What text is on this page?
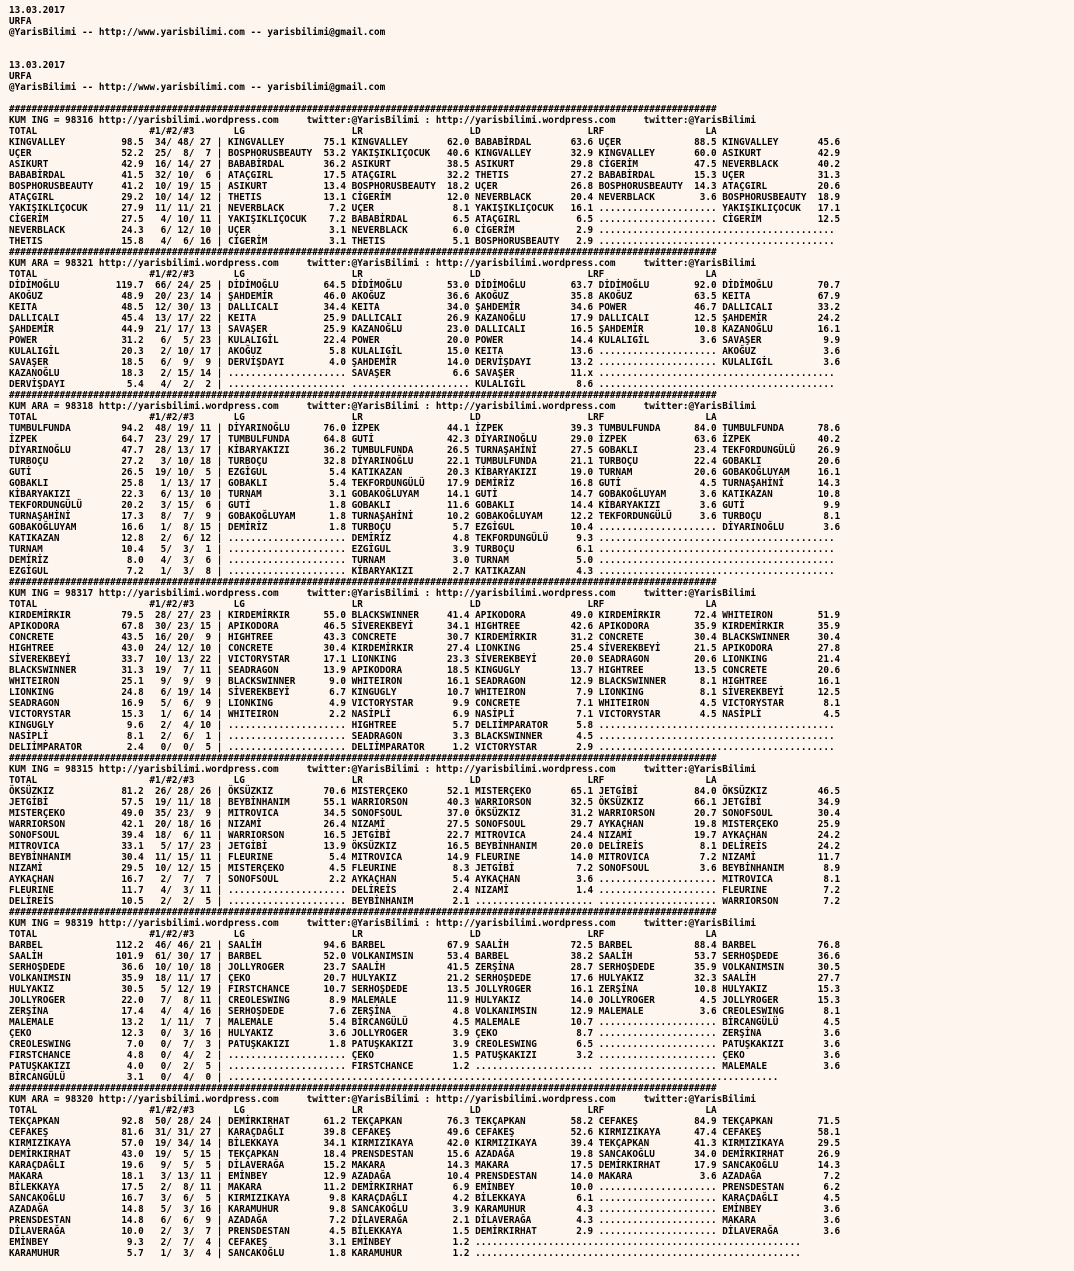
13.03.2017
URFA
@YarisBilimi -- http://www.yarisbilimi.com -- yarisbilimi@gmail.com
13.03.2017
URFA
@YarisBilimi -- http://www.yarisbilimi.com -- yarisbilimi@gmail.com
##############################################################################################################################
KUM ING = 98316 http://yarisbilimi.wordpress.com     twitter:@YarisBilimi : http://yarisbilimi.wordpress.com     twitter:@YarisBilimi
TOTAL                    #1/#2/#3       LG                   LR                   LD                   LRF                  LA
KINGVALLEY          98.5  34/ 48/ 27 | KINGVALLEY       75.1 KINGVALLEY       62.0 BABABİRDAL       63.6 UÇER             88.5 KINGVALLEY       45.6
UÇER                52.2  25/  8/  7 | BOSPHORUSBEAUTY  53.2 YAKIŞIKLIÇOCUK   40.6 KINGVALLEY       32.9 KINGVALLEY       60.0 ASIKURT          42.9
ASIKURT             42.9  16/ 14/ 27 | BABABİRDAL       36.2 ASIKURT          38.5 ASIKURT          29.8 CİGERİM          47.5 NEVERBLACK       40.2
BABABİRDAL          41.5  32/ 10/  6 | ATAÇGIRL         17.5 ATAÇGIRL         32.2 THETIS           27.2 BABABİRDAL       15.3 UÇER             31.3
BOSPHORUSBEAUTY     41.2  10/ 19/ 15 | ASIKURT          13.4 BOSPHORUSBEAUTY  18.2 UÇER             26.8 BOSPHORUSBEAUTY  14.3 ATAÇGIRL         20.6
ATAÇGIRL            29.2  10/ 14/ 12 | THETIS           13.1 CİGERİM          12.0 NEVERBLACK       20.4 NEVERBLACK        3.6 BOSPHORUSBEAUTY  18.9
YAKIŞIKLIÇOCUK      27.9  11/ 11/ 21 | NEVERBLACK        7.2 UÇER              8.1 YAKIŞIKLIÇOCUK   16.1 ..................... YAKIŞIKLIÇOCUK   17.1
CİGERİM             27.5   4/ 10/ 11 | YAKIŞIKLIÇOCUK    7.2 BABABİRDAL        6.5 ATAÇGIRL          6.5 ..................... CİGERİM          12.5
NEVERBLACK          24.3   6/ 12/ 10 | UÇER              3.1 NEVERBLACK        6.0 CİGERİM           2.9 ..........................................
THETIS              15.8   4/  6/ 16 | CİGERİM           3.1 THETIS            5.1 BOSPHORUSBEAUTY   2.9 ..........................................
##############################################################################################################################
KUM ARA = 98321 http://yarisbilimi.wordpress.com     twitter:@YarisBilimi : http://yarisbilimi.wordpress.com     twitter:@YarisBilimi
TOTAL                    #1/#2/#3       LG                   LR                   LD                   LRF                  LA
DİDİMOĞLU          119.7  66/ 24/ 25 | DİDİMOĞLU        64.5 DİDİMOĞLU        53.0 DİDİMOĞLU        63.7 DİDİMOĞLU        92.0 DİDİMOĞLU        70.7
AKOĞUZ              48.9  20/ 23/ 14 | ŞAHDEMİR         46.0 AKOĞUZ           36.6 AKOĞUZ           35.8 AKOĞUZ           63.5 KEITA            67.9
KEITA               48.5  12/ 30/ 13 | DALLICALI        34.4 KEITA            34.0 ŞAHDEMİR         34.6 POWER            46.7 DALLICALI        33.2
DALLICALI           45.4  13/ 17/ 22 | KEITA            25.9 DALLICALI        26.9 KAZANOĞLU        17.9 DALLICALI        12.5 ŞAHDEMİR         24.2
ŞAHDEMİR            44.9  21/ 17/ 13 | SAVAŞER          25.9 KAZANOĞLU        23.0 DALLICALI        16.5 ŞAHDEMİR         10.8 KAZANOĞLU        16.1
POWER               31.2   6/  5/ 23 | KULALIGİL        22.4 POWER            20.0 POWER            14.4 KULALIGİL         3.6 SAVAŞER           9.9
KULALIGİL           20.3   2/ 10/ 17 | AKOĞUZ            5.8 KULALIGİL        15.0 KEITA            13.6 ..................... AKOĞUZ            3.6
SAVAŞER             18.5   6/  9/  9 | DERVİŞDAYI        4.0 ŞAHDEMİR         14.0 DERVİŞDAYI       13.2 ..................... KULALIGİL         3.6
KAZANOĞLU           18.3   2/ 15/ 14 | ..................... SAVAŞER           6.6 SAVAŞER          11.x ..........................................
DERVİŞDAYI           5.4   4/  2/  2 | ..................... ..................... KULALIGİL         8.6 ..........................................
##############################################################################################################################
KUM ARA = 98318 http://yarisbilimi.wordpress.com     twitter:@YarisBilimi : http://yarisbilimi.wordpress.com     twitter:@YarisBilimi
TOTAL                    #1/#2/#3       LG                   LR                   LD                   LRF                  LA
TUMBULFUNDA         94.2  48/ 19/ 11 | DİYARINOĞLU      76.0 İZPEK            44.1 İZPEK            39.3 TUMBULFUNDA      84.0 TUMBULFUNDA      78.6
İZPEK               64.7  23/ 29/ 17 | TUMBULFUNDA      64.8 GUTİ             42.3 DİYARINOĞLU      29.0 İZPEK            63.6 İZPEK            40.2
DİYARINOĞLU         47.7  28/ 13/ 17 | KİBARYAKIZI      36.2 TUMBULFUNDA      26.5 TURNAŞAHİNİ      27.5 GOBAKLI          23.4 TEKFORDUNGÜLÜ    26.9
TURBOÇU             27.2   3/ 10/ 18 | TURBOÇU          32.8 DİYARINOĞLU      22.1 TUMBULFUNDA      21.1 TURBOÇU          22.4 GOBAKLI          20.6
GUTİ                26.5  19/ 10/  5 | EZGİGUL           5.4 KATIKAZAN        20.3 KİBARYAKIZI      19.0 TURNAM           20.6 GOBAKOĞLUYAM     16.1
GOBAKLI             25.8   1/ 13/ 17 | GOBAKLI           5.4 TEKFORDUNGÜLÜ    17.9 DEMİRİZ          16.8 GUTİ              4.5 TURNAŞAHİNİ      14.3
KİBARYAKIZI         22.3   6/ 13/ 10 | TURNAM            3.1 GOBAKOĞLUYAM     14.1 GUTİ             14.7 GOBAKOĞLUYAM      3.6 KATIKAZAN        10.8
TEKFORDUNGÜLÜ       20.2   3/ 15/  6 | GUTİ              1.8 GOBAKLI          11.6 GOBAKLI          14.4 KİBARYAKIZI       3.6 GUTİ              9.9
TURNAŞAHİNİ         17.3   8/  7/  9 | GOBAKOĞLUYAM      1.8 TURNAŞAHİNİ      10.2 GOBAKOĞLUYAM     12.2 TEKFORDUNGÜLÜ     3.6 TURBOÇU           8.1
GOBAKOĞLUYAM        16.6   1/  8/ 15 | DEMİRİZ           1.8 TURBOÇU           5.7 EZGİGUL          10.4 ..................... DİYARINOĞLU       3.6
KATIKAZAN           12.8   2/  6/ 12 | ..................... DEMİRİZ           4.8 TEKFORDUNGÜLÜ     9.3 ..........................................
TURNAM              10.4   5/  3/  1 | ..................... EZGİGUL           3.9 TURBOÇU           6.1 ..........................................
DEMİRİZ              8.0   4/  3/  6 | ..................... TURNAM            3.0 TURNAM            5.0 ..........................................
EZGİGUL              7.2   1/  3/  8 | ..................... KİBARYAKIZI       2.7 KATIKAZAN         4.3 ..........................................
##############################################################################################################################
KUM ING = 98317 http://yarisbilimi.wordpress.com     twitter:@YarisBilimi : http://yarisbilimi.wordpress.com     twitter:@YarisBilimi
TOTAL                    #1/#2/#3       LG                   LR                   LD                   LRF                  LA
KIRDEMİRKIR         79.5  28/ 27/ 23 | KIRDEMİRKIR      55.0 BLACKSWINNER     41.4 APIKODORA        49.0 KIRDEMİRKIR      72.4 WHITEIRON        51.9
APIKODORA           67.8  30/ 23/ 15 | APIKODORA        46.5 SİVEREKBEYİ      34.1 HIGHTREE         42.6 APIKODORA        35.9 KIRDEMİRKIR      35.9
CONCRETE            43.5  16/ 20/  9 | HIGHTREE         43.3 CONCRETE         30.7 KIRDEMİRKIR      31.2 CONCRETE         30.4 BLACKSWINNER     30.4
HIGHTREE            43.0  24/ 12/ 10 | CONCRETE         30.4 KIRDEMİRKIR      27.4 LIONKING         25.4 SİVEREKBEYİ      21.5 APIKODORA        27.8
SİVEREKBEYİ         33.7  10/ 13/ 22 | VICTORYSTAR      17.1 LIONKING         23.3 SİVEREKBEYİ      20.0 SEADRAGON        20.6 LIONKING         21.4
BLACKSWINNER        31.3  19/  7/ 11 | SEADRAGON        13.9 APIKODORA        18.5 KINGUGLY         13.7 HIGHTREE         13.5 CONCRETE         20.6
WHITEIRON           25.1   9/  9/  9 | BLACKSWINNER      9.0 WHITEIRON        16.1 SEADRAGON        12.9 BLACKSWINNER      8.1 HIGHTREE         16.1
LIONKING            24.8   6/ 19/ 14 | SİVEREKBEYİ       6.7 KINGUGLY         10.7 WHITEIRON         7.9 LIONKING          8.1 SİVEREKBEYİ      12.5
SEADRAGON           16.9   5/  6/  9 | LIONKING          4.9 VICTORYSTAR       9.9 CONCRETE          7.1 WHITEIRON         4.5 VICTORYSTAR       8.1
VICTORYSTAR         15.3   1/  6/ 14 | WHITEIRON         2.2 NASİPLİ           6.9 NASİPLİ           7.1 VICTORYSTAR       4.5 NASİPLİ           4.5
KINGUGLY             9.6   2/  4/ 10 | ..................... HIGHTREE          5.7 DELIİMPARATOR     5.8 ..........................................
NASİPLİ              8.1   2/  6/  1 | ..................... SEADRAGON         3.3 BLACKSWINNER      4.5 ..........................................
DELIİMPARATOR        2.4   0/  0/  5 | ..................... DELIİMPARATOR     1.2 VICTORYSTAR       2.9 ..........................................
##############################################################################################################################
KUM ING = 98315 http://yarisbilimi.wordpress.com     twitter:@YarisBilimi : http://yarisbilimi.wordpress.com     twitter:@YarisBilimi
TOTAL                    #1/#2/#3       LG                   LR                   LD                   LRF                  LA
ÖKSÜZKIZ            81.2  26/ 28/ 26 | ÖKSÜZKIZ         70.6 MISTERÇEKO       52.1 MISTERÇEKO       65.1 JETGİBİ          84.0 ÖKSÜZKIZ         46.5
JETGİBİ             57.5  19/ 11/ 18 | BEYBİNHANIM      55.1 WARRIORSON       40.3 WARRIORSON       32.5 ÖKSÜZKIZ         66.1 JETGİBİ          34.9
MISTERÇEKO          49.0  35/ 23/  9 | MITROVICA        34.5 SONOFSOUL        37.0 ÖKSÜZKIZ         31.2 WARRIORSON       20.7 SONOFSOUL        30.4
WARRIORSON          42.1  20/ 18/ 16 | NIZAMİ           26.4 NIZAMİ           27.5 SONOFSOUL        29.7 AYKAÇHAN         19.8 MISTERÇEKO       25.9
SONOFSOUL           39.4  18/  6/ 11 | WARRIORSON       16.5 JETGİBİ          22.7 MITROVICA        24.4 NIZAMİ           19.7 AYKAÇHAN         24.2
MITROVICA           33.1   5/ 17/ 23 | JETGİBİ          13.9 ÖKSÜZKIZ         16.5 BEYBİNHANIM      20.0 DELİREİS          8.1 DELİREİS         24.2
BEYBİNHANIM         30.4  11/ 15/ 11 | FLEURINE          5.4 MITROVICA        14.9 FLEURINE         14.0 MITROVICA         7.2 NIZAMİ           11.7
NIZAMİ              29.5  10/ 12/ 15 | MISTERÇEKO        4.5 FLEURINE          8.3 JETGİBİ           7.2 SONOFSOUL         3.6 BEYBİNHANIM       8.9
AYKAÇHAN            16.7   2/  7/  7 | SONOFSOUL         2.2 AYKAÇHAN          5.4 AYKAÇHAN          3.6 ..................... MITROVICA         8.1
FLEURINE            11.7   4/  3/ 11 | ..................... DELİREİS          2.4 NIZAMİ            1.4 ..................... FLEURINE          7.2
DELİREİS            10.5   2/  2/  5 | ..................... BEYBİNHANIM       2.1 ..................... ..................... WARRIORSON        7.2
##############################################################################################################################
KUM ING = 98319 http://yarisbilimi.wordpress.com     twitter:@YarisBilimi : http://yarisbilimi.wordpress.com     twitter:@YarisBilimi
TOTAL                    #1/#2/#3       LG                   LR                   LD                   LRF                  LA
BARBEL             112.2  46/ 46/ 21 | SAALİH           94.6 BARBEL           67.9 SAALİH           72.5 BARBEL           88.4 BARBEL           76.8
SAALİH             101.9  61/ 30/ 17 | BARBEL           52.0 VOLKANIMSIN      53.4 BARBEL           38.2 SAALİH           53.7 SERHOŞDEDE       36.6
SERHOŞDEDE          36.6  10/ 10/ 18 | JOLLYROGER       23.7 SAALİH           41.5 ZERŞİNA          28.7 SERHOŞDEDE       35.9 VOLKANIMSIN      30.5
VOLKANIMSIN         35.9  18/ 11/ 17 | ÇEKO             20.7 HULYAKIZ         21.2 SERHOŞDEDE       17.6 HULYAKIZ         32.3 SAALİH           27.7
HULYAKIZ            30.5   5/ 12/ 19 | FIRSTCHANCE      10.7 SERHOŞDEDE       13.5 JOLLYROGER       16.1 ZERŞİNA          10.8 HULYAKIZ         15.3
JOLLYROGER          22.0   7/  8/ 11 | CREOLESWING       8.9 MALEMALE         11.9 HULYAKIZ         14.0 JOLLYROGER        4.5 JOLLYROGER       15.3
ZERŞİNA             17.4   4/  4/ 16 | SERHOŞDEDE        7.6 ZERŞİNA           4.8 VOLKANIMSIN      12.9 MALEMALE          3.6 CREOLESWING       8.1
MALEMALE            13.2   1/ 11/  7 | MALEMALE          5.4 BİRCANGÜLÜ        4.5 MALEMALE         10.7 ..................... BİRCANGÜLÜ        4.5
ÇEKO                12.3   0/  3/ 16 | HULYAKIZ          3.6 JOLLYROGER        3.9 ÇEKO              8.7 ..................... ZERŞİNA           3.6
CREOLESWING          7.0   0/  7/  3 | PATUŞKAKIZI       1.8 PATUŞKAKIZI       3.9 CREOLESWING       6.5 ..................... PATUŞKAKIZI       3.6
FIRSTCHANCE          4.8   0/  4/  2 | ..................... ÇEKO              1.5 PATUŞKAKIZI       3.2 ..................... ÇEKO              3.6
PATUŞKAKIZI          4.0   0/  2/  5 | ..................... FIRSTCHANCE       1.2 ..................... ..................... MALEMALE          3.6
BİRCANGÜLÜ           3.1   0/  4/  0 | ..................................................................................................
##############################################################################################################################
KUM ARA = 98320 http://yarisbilimi.wordpress.com     twitter:@YarisBilimi : http://yarisbilimi.wordpress.com     twitter:@YarisBilimi
TOTAL                    #1/#2/#3       LG                   LR                   LD                   LRF                  LA
TEKÇAPKAN           92.8  50/ 28/ 24 | DEMİRKIRHAT      61.2 TEKÇAPKAN        76.3 TEKÇAPKAN        58.2 CEFAKEŞ          84.9 TEKÇAPKAN        71.5
CEFAKEŞ             81.6  31/ 31/ 27 | KARAÇDAĞLI       39.8 CEFAKEŞ          49.6 CEFAKEŞ          52.6 KIRMIZIKAYA      47.4 CEFAKEŞ          58.1
KIRMIZIKAYA         57.0  19/ 34/ 14 | BİLEKKAYA        34.1 KIRMIZIKAYA      42.0 KIRMIZIKAYA      39.4 TEKÇAPKAN        41.3 KIRMIZIKAYA      29.5
DEMİRKIRHAT         43.0  19/  5/ 15 | TEKÇAPKAN        18.4 PRENSDESTAN      15.6 AZADAĞA          19.8 SANCAKOĞLU       34.0 DEMİRKIRHAT      26.9
KARAÇDAĞLI          19.6   9/  5/  5 | DİLAVERAĞA       15.2 MAKARA           14.3 MAKARA           17.5 DEMİRKIRHAT      17.9 SANCAKOĞLU       14.3
MAKARA              18.1   3/ 13/ 11 | EMİNBEY          12.9 AZADAĞA          10.4 PRENSDESTAN      14.0 MAKARA            3.6 AZADAĞA           7.2
BİLEKKAYA           17.5   2/  8/ 11 | MAKARA           11.2 DEMİRKIRHAT       6.9 EMİNBEY          10.0 ..................... PRENSDESTAN       6.2
SANCAKOĞLU          16.7   3/  6/  5 | KIRMIZIKAYA       9.8 KARAÇDAĞLI        4.2 BİLEKKAYA         6.1 ..................... KARAÇDAĞLI        4.5
AZADAĞA             14.8   5/  3/ 16 | KARAMUHUR         9.8 SANCAKOĞLU        3.9 KARAMUHUR         4.3 ..................... EMİNBEY           3.6
PRENSDESTAN         14.8   6/  6/  9 | AZADAĞA           7.2 DİLAVERAĞA        2.1 DİLAVERAĞA        4.3 ..................... MAKARA            3.6
DİLAVERAĞA          10.0   2/  3/  7 | PRENSDESTAN       4.5 BİLEKKAYA         1.5 DEMİRKIRHAT       2.9 ..................... DİLAVERAĞA        3.6
EMİNBEY              9.3   2/  7/  4 | CEFAKEŞ           3.1 EMİNBEY           1.2 ..........................................................
KARAMUHUR            5.7   1/  3/  4 | SANCAKOĞLU        1.8 KARAMUHUR         1.2 ..........................................................
